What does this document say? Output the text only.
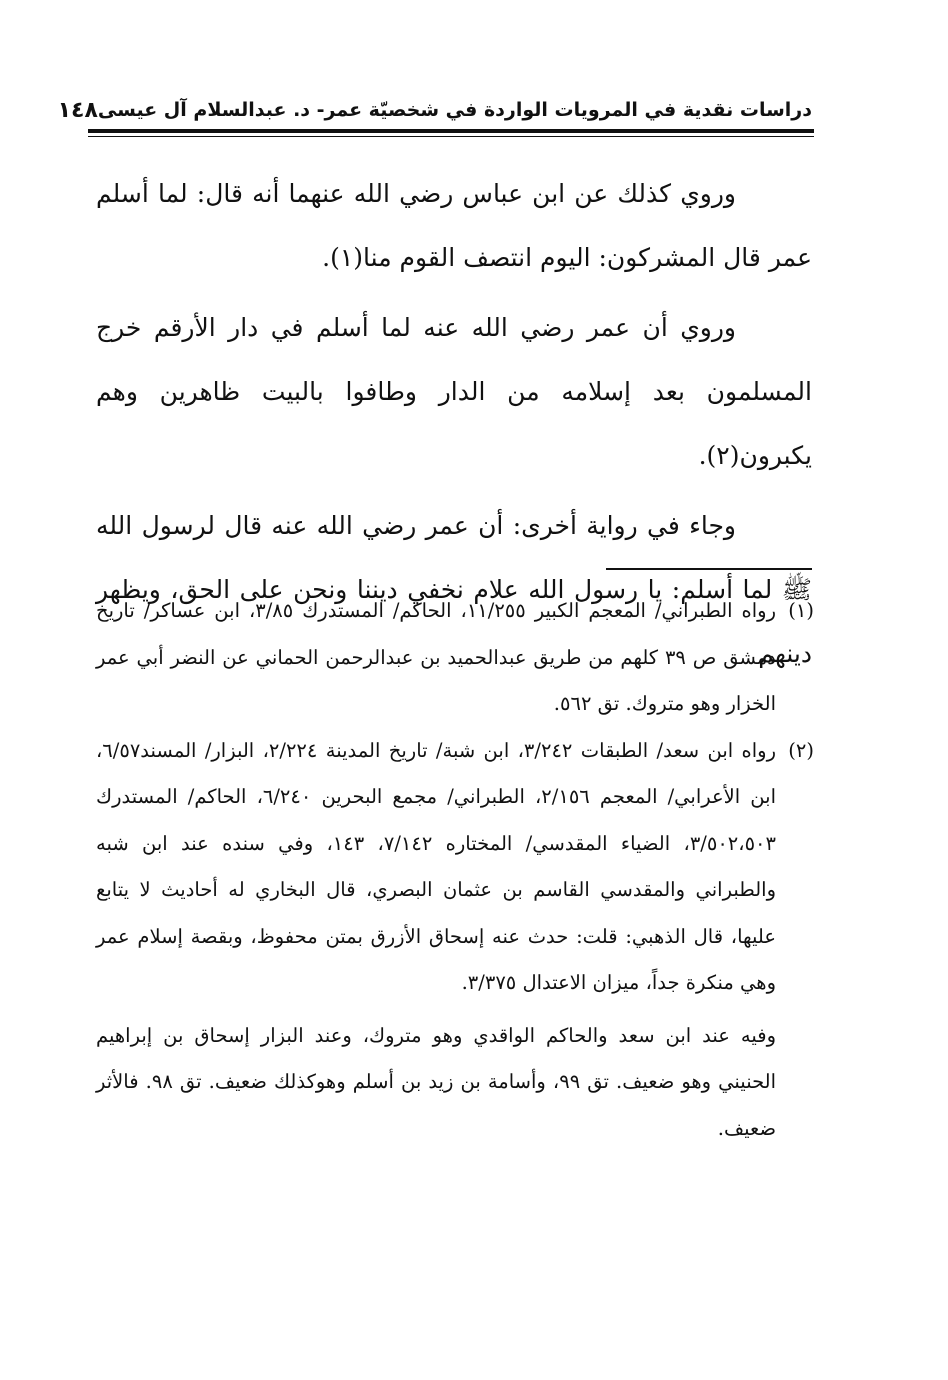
دراسات نقدية في المرويات الواردة في شخصيّة عمر- د. عبدالسلام آل عيسى
١٤٨

وروي كذلك عن ابن عباس رضي الله عنهما أنه قال: لما أسلم عمر قال المشركون: اليوم انتصف القوم منا(١).

وروي أن عمر رضي الله عنه لما أسلم في دار الأرقم خرج المسلمون بعد إسلامه من الدار وطافوا بالبيت ظاهرين وهم يكبرون(٢).

وجاء في رواية أخرى: أن عمر رضي الله عنه قال لرسول الله ﷺ لما أسلم: يا رسول الله علام نخفي ديننا ونحن على الحق، ويظهر دينهم

(١)
رواه الطبراني/ المعجم الكبير ١١/٢٥٥، الحاكم/ المستدرك ٣/٨٥، ابن عساكر/ تاريخ دمشق ص ٣٩ كلهم من طريق عبدالحميد بن عبدالرحمن الحماني عن النضر أبي عمر الخزار وهو متروك. تق ٥٦٢.
(٢)
رواه ابن سعد/ الطبقات ٣/٢٤٢، ابن شبة/ تاريخ المدينة ٢/٢٢٤، البزار/ المسند٦/٥٧، ابن الأعرابي/ المعجم ٢/١٥٦، الطبراني/ مجمع البحرين ٦/٢٤٠، الحاكم/ المستدرك ٣/٥٠٢،٥٠٣، الضياء المقدسي/ المختاره ٧/١٤٢، ١٤٣، وفي سنده عند ابن شبه والطبراني والمقدسي القاسم بن عثمان البصري، قال البخاري له أحاديث لا يتابع عليها، قال الذهبي: قلت: حدث عنه إسحاق الأزرق بمتن محفوظ، وبقصة إسلام عمر وهي منكرة جداً، ميزان الاعتدال ٣/٣٧٥.
وفيه عند ابن سعد والحاكم الواقدي وهو متروك، وعند البزار إسحاق بن إبراهيم الحنيني وهو ضعيف. تق ٩٩، وأسامة بن زيد بن أسلم وهوكذلك ضعيف. تق ٩٨. فالأثر ضعيف.
